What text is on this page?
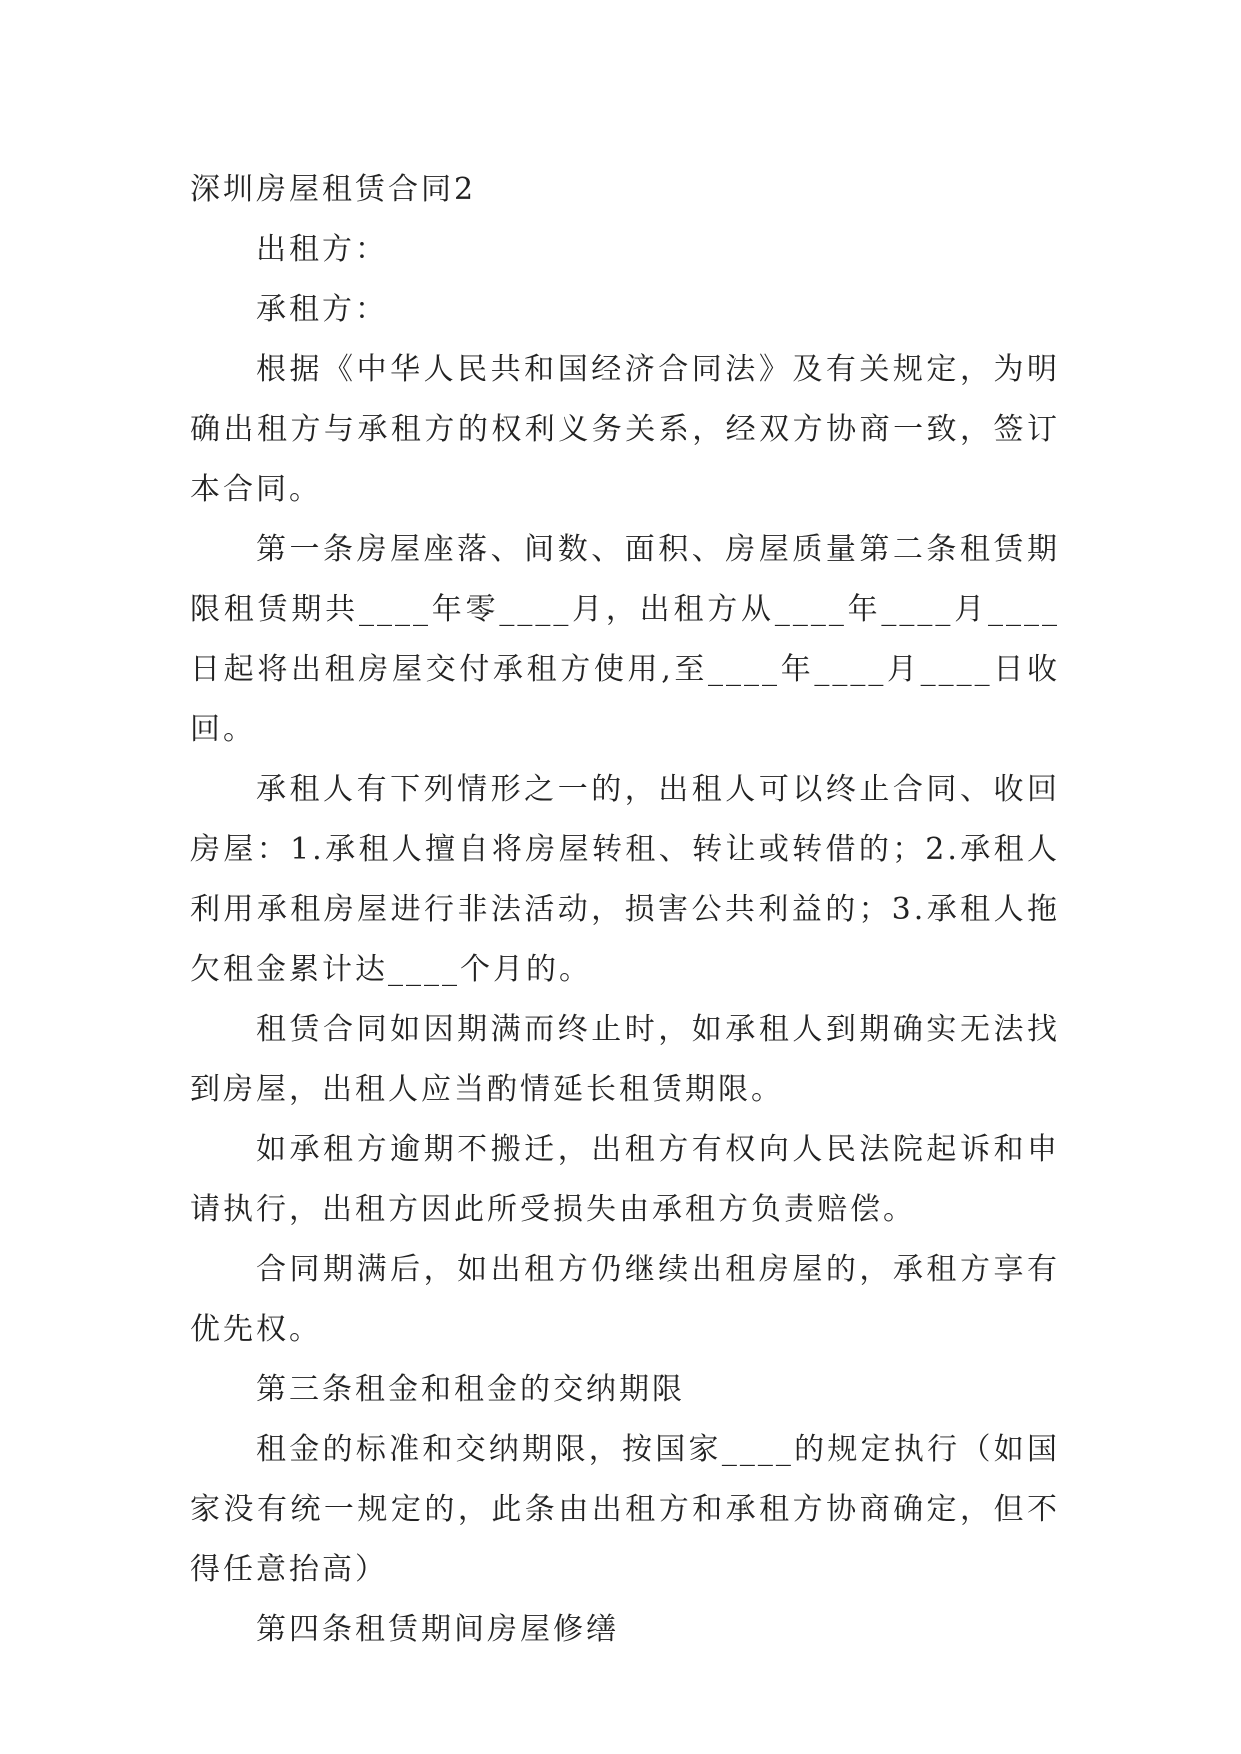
深圳房屋租赁合同2

出租方：

承租方：

根据《中华人民共和国经济合同法》及有关规定，为明确出租方与承租方的权利义务关系，经双方协商一致，签订本合同。

第一条房屋座落、间数、面积、房屋质量第二条租赁期限租赁期共____年零____月，出租方从____年____月____日起将出租房屋交付承租方使用,至____年____月____日收回。

承租人有下列情形之一的，出租人可以终止合同、收回房屋：1.承租人擅自将房屋转租、转让或转借的；2.承租人利用承租房屋进行非法活动，损害公共利益的；3.承租人拖欠租金累计达____个月的。

租赁合同如因期满而终止时，如承租人到期确实无法找到房屋，出租人应当酌情延长租赁期限。

如承租方逾期不搬迁，出租方有权向人民法院起诉和申请执行，出租方因此所受损失由承租方负责赔偿。

合同期满后，如出租方仍继续出租房屋的，承租方享有优先权。

第三条租金和租金的交纳期限

租金的标准和交纳期限，按国家____的规定执行（如国家没有统一规定的，此条由出租方和承租方协商确定，但不得任意抬高）

第四条租赁期间房屋修缮
